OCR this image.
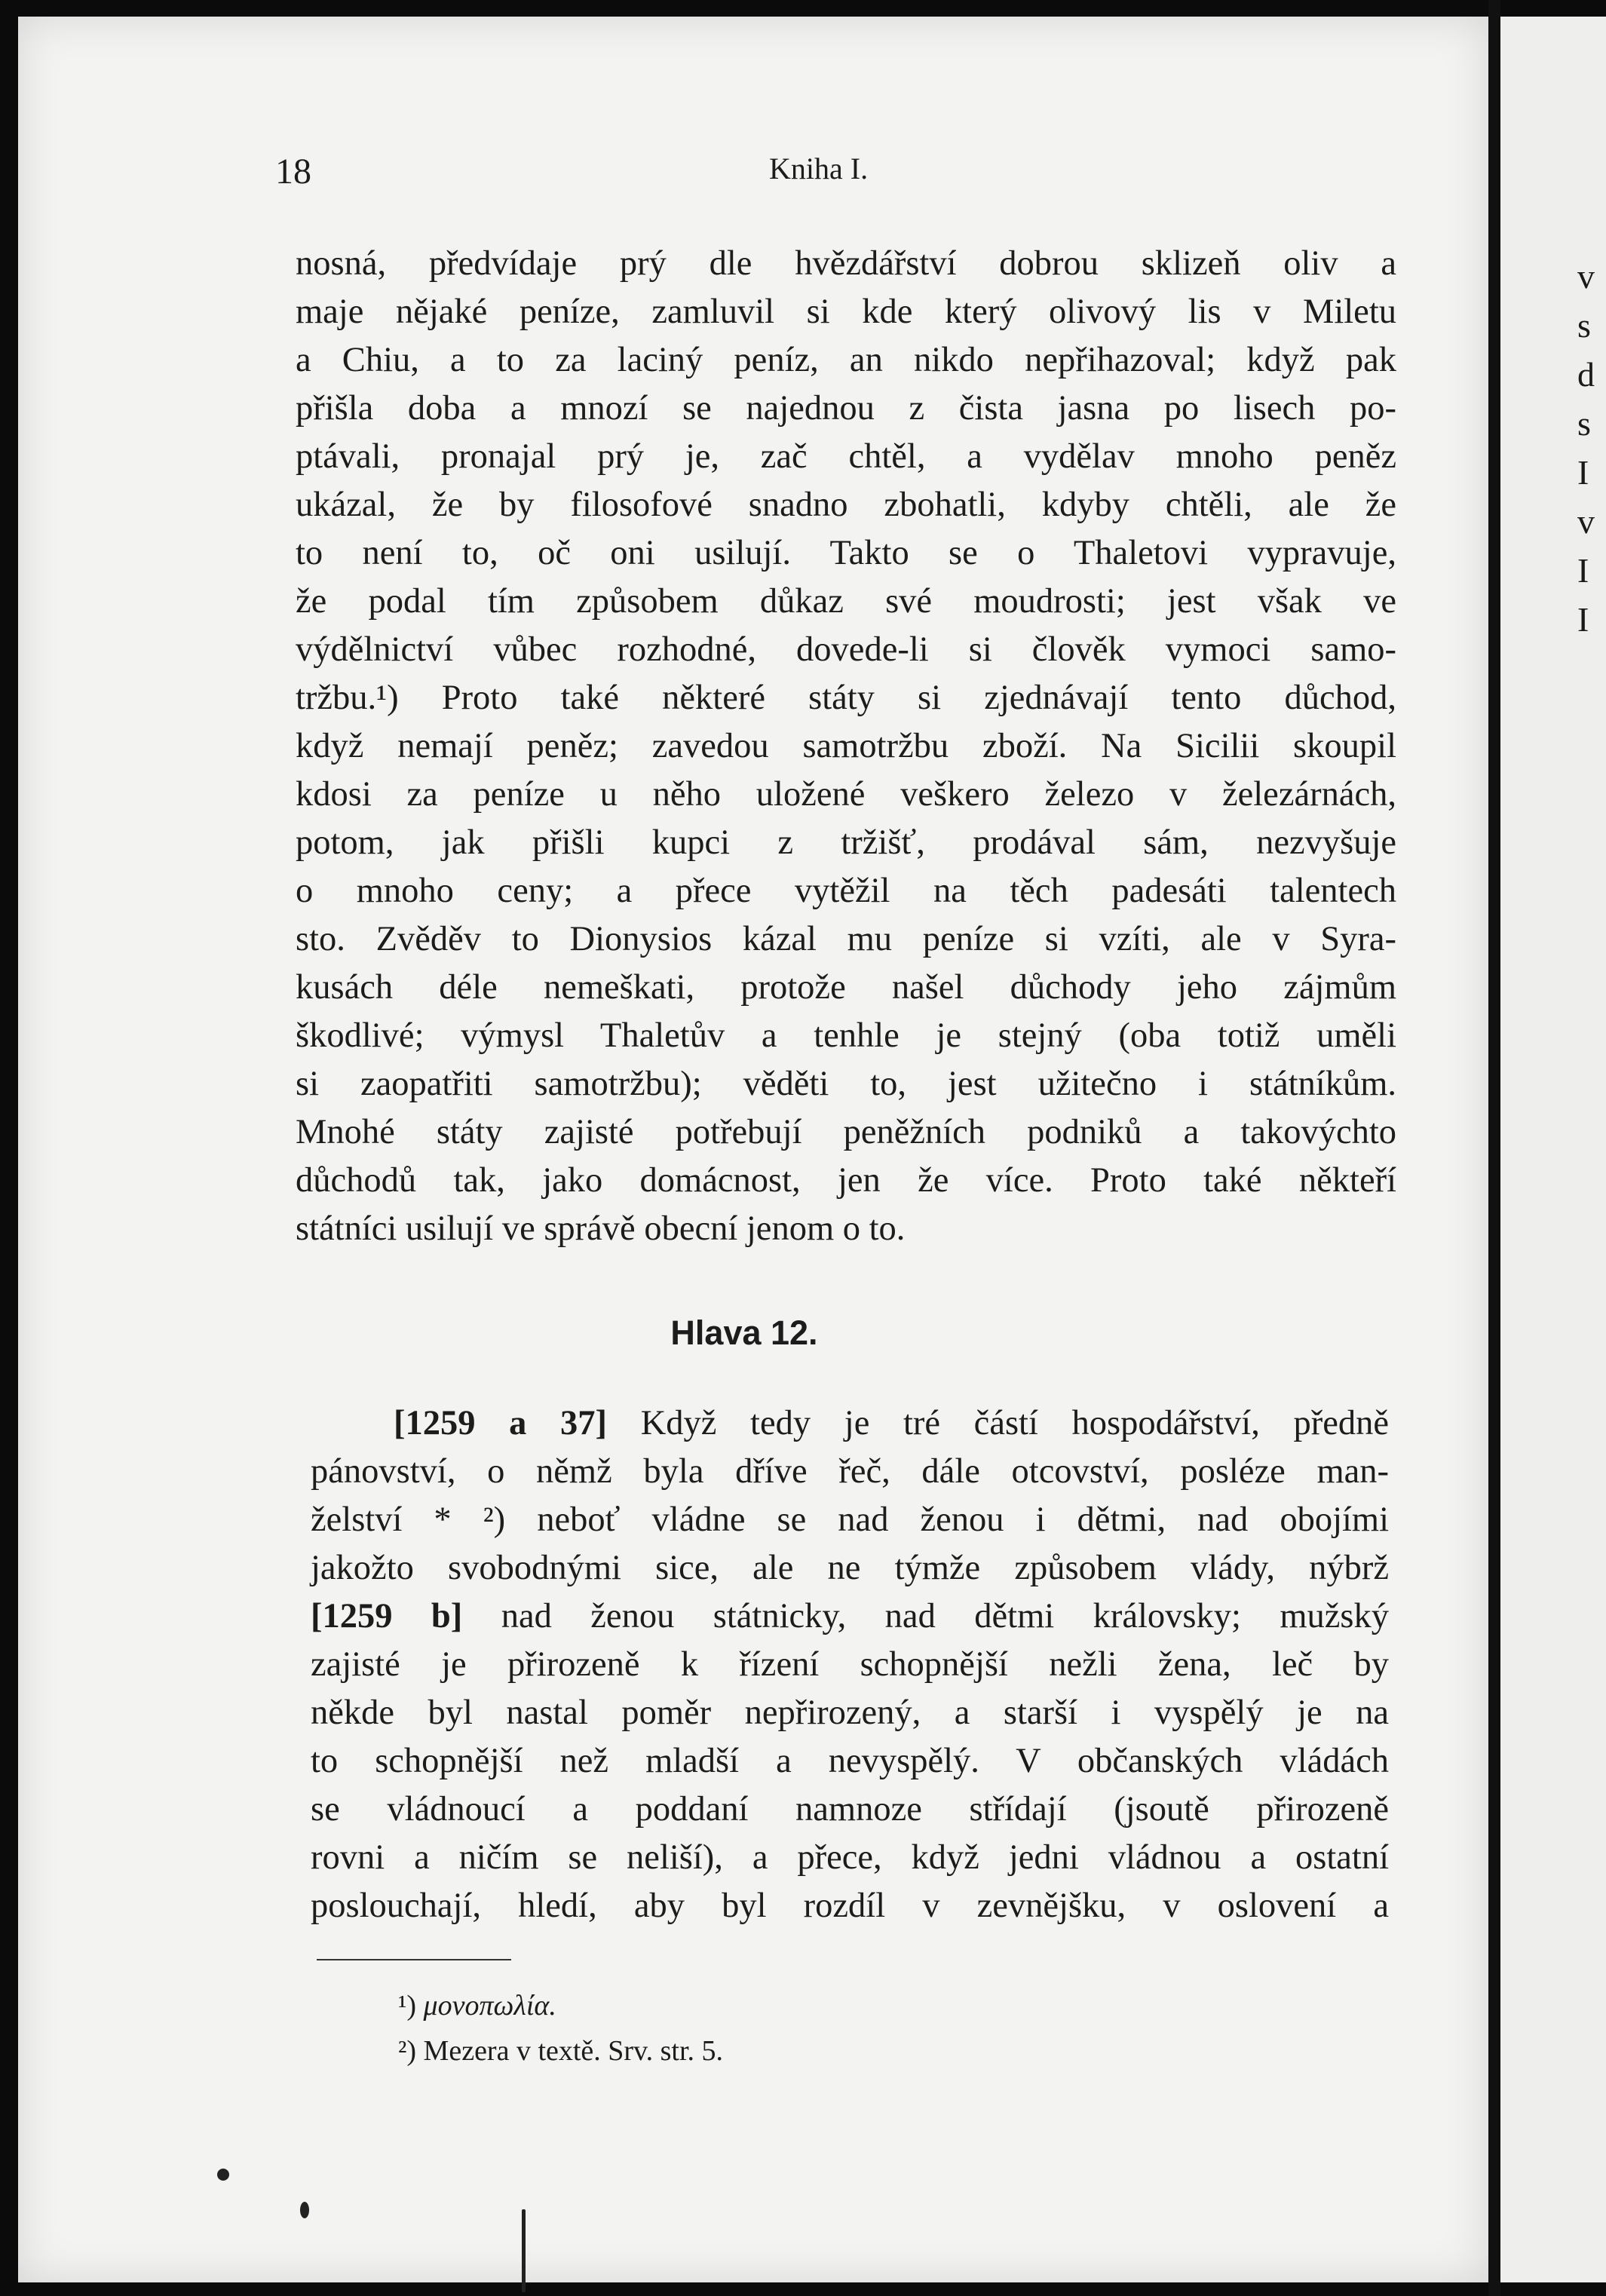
18	Kniha I.
nosná, předvídaje prý dle hvězdářství dobrou sklizeň oliv a
maje nějaké peníze, zamluvil si kde který olivový lis v Miletu
a Chiu, a to za laciný peníz, an nikdo nepřihazoval; když pak
přišla doba a mnozí se najednou z čista jasna po lisech po-
ptávali, pronajal prý je, zač chtěl, a vydělav mnoho peněz
ukázal, že by filosofové snadno zbohatli, kdyby chtěli, ale že
to není to, oč oni usilují. Takto se o Thaletovi vypravuje,
že podal tím způsobem důkaz své moudrosti; jest však ve
výdělnictví vůbec rozhodné, dovede-li si člověk vymoci samo-
tržbu.¹) Proto také některé státy si zjednávají tento důchod,
když nemají peněz; zavedou samotržbu zboží. Na Sicilii skoupil
kdosi za peníze u něho uložené veškero železo v železárnách,
potom, jak přišli kupci z tržišť, prodával sám, nezvyšuje
o mnoho ceny; a přece vytěžil na těch padesáti talentech
sto. Zvěděv to Dionysios kázal mu peníze si vzíti, ale v Syra-
kusách déle nemeškati, protože našel důchody jeho zájmům
škodlivé; výmysl Thaletův a tenhle je stejný (oba totiž uměli
si zaopatřiti samotržbu); věděti to, jest užitečno i státníkům.
Mnohé státy zajisté potřebují peněžních podniků a takovýchto
důchodů tak, jako domácnost, jen že více. Proto také někteří
státníci usilují ve správě obecní jenom o to.
Hlava 12.
[1259 a 37] Když tedy je tré částí hospodářství, předně
pánovství, o němž byla dříve řeč, dále otcovství, posléze man-
želství * ²) neboť vládne se nad ženou i dětmi, nad obojími
jakožto svobodnými sice, ale ne týmže způsobem vlády, nýbrž
[1259 b] nad ženou státnicky, nad dětmi královsky; mužský
zajisté je přirozeně k řízení schopnější nežli žena, leč by
někde byl nastal poměr nepřirozený, a starší i vyspělý je na
to schopnější než mladší a nevyspělý. V občanských vládách
se vládnoucí a poddaní namnoze střídají (jsoutě přirozeně
rovni a ničím se neliší), a přece, když jedni vládnou a ostatní
poslouchají, hledí, aby byl rozdíl v zevnějšku, v oslovení a
¹) μονοπωλία.
²) Mezera v textě. Srv. str. 5.
v
s
d
s
I
v
I
I
